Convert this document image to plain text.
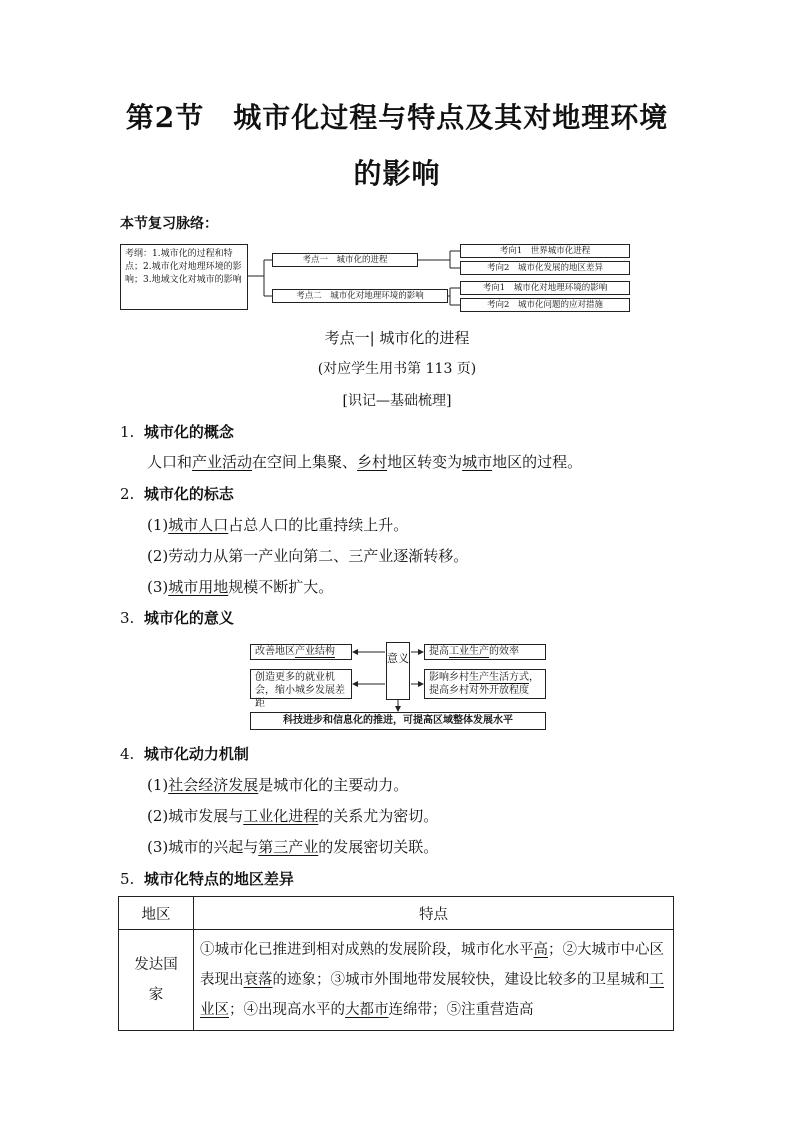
第2节　城市化过程与特点及其对地理环境
的影响
本节复习脉络：
考纲：1.城市化的过程和特点；2.城市化对地理环境的影响；3.地域文化对城市的影响
考点一　城市化的进程
考点二　城市化对地理环境的影响
考向1　世界城市化进程
考向2　城市化发展的地区差异
考向1　城市化对地理环境的影响
考向2　城市化问题的应对措施
考点一| 城市化的进程
(对应学生用书第 113 页)
[识记—基础梳理]
1. 城市化的概念
人口和产业活动在空间上集聚、乡村地区转变为城市地区的过程。
2. 城市化的标志
(1)城市人口占总人口的比重持续上升。
(2)劳动力从第一产业向第二、三产业逐渐转移。
(3)城市用地规模不断扩大。
3. 城市化的意义
意义
改善地区产业结构
创造更多的就业机会，缩小城乡发展差距
提高工业生产的效率
影响乡村生产生活方式，提高乡村对外开放程度
科技进步和信息化的推进，可提高区域整体发展水平
4. 城市化动力机制
(1)社会经济发展是城市化的主要动力。
(2)城市发展与工业化进程的关系尤为密切。
(3)城市的兴起与第三产业的发展密切关联。
5. 城市化特点的地区差异
地区	特点
发达国家	①城市化已推进到相对成熟的发展阶段，城市化水平高；②大城市中心区表现出衰落的迹象；③城市外围地带发展较快，建设比较多的卫星城和工业区；④出现高水平的大都市连绵带；⑤注重营造高
